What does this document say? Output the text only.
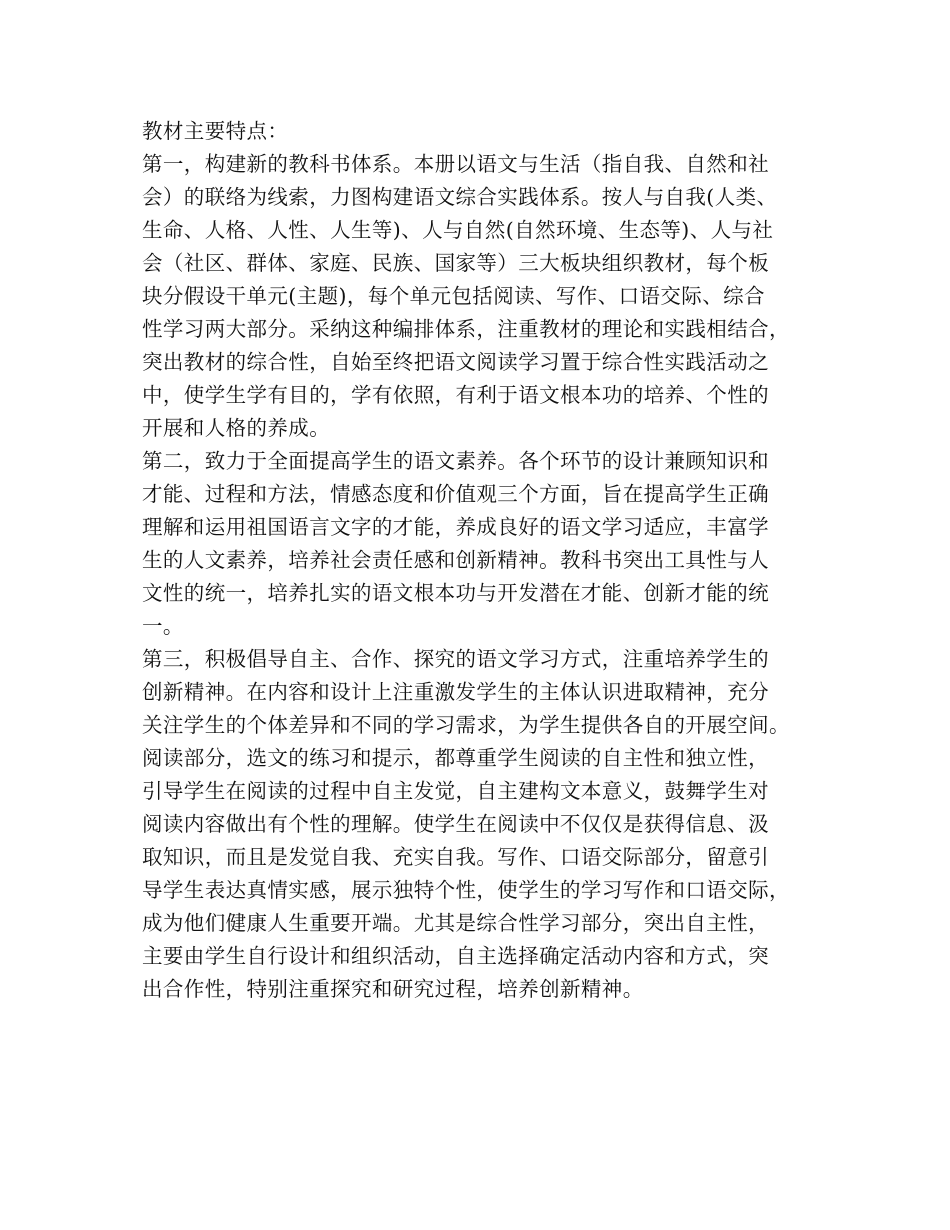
教材主要特点：
第一，构建新的教科书体系。本册以语文与生活（指自我、自然和社
会）的联络为线索，力图构建语文综合实践体系。按人与自我(人类、
生命、人格、人性、人生等)、人与自然(自然环境、生态等)、人与社
会（社区、群体、家庭、民族、国家等）三大板块组织教材，每个板
块分假设干单元(主题)，每个单元包括阅读、写作、口语交际、综合
性学习两大部分。采纳这种编排体系，注重教材的理论和实践相结合，
突出教材的综合性，自始至终把语文阅读学习置于综合性实践活动之
中，使学生学有目的，学有依照，有利于语文根本功的培养、个性的
开展和人格的养成。
第二，致力于全面提高学生的语文素养。各个环节的设计兼顾知识和
才能、过程和方法，情感态度和价值观三个方面，旨在提高学生正确
理解和运用祖国语言文字的才能，养成良好的语文学习适应，丰富学
生的人文素养，培养社会责任感和创新精神。教科书突出工具性与人
文性的统一，培养扎实的语文根本功与开发潜在才能、创新才能的统
一。
第三，积极倡导自主、合作、探究的语文学习方式，注重培养学生的
创新精神。在内容和设计上注重激发学生的主体认识进取精神，充分
关注学生的个体差异和不同的学习需求，为学生提供各自的开展空间。
阅读部分，选文的练习和提示，都尊重学生阅读的自主性和独立性，
引导学生在阅读的过程中自主发觉，自主建构文本意义，鼓舞学生对
阅读内容做出有个性的理解。使学生在阅读中不仅仅是获得信息、汲
取知识，而且是发觉自我、充实自我。写作、口语交际部分，留意引
导学生表达真情实感，展示独特个性，使学生的学习写作和口语交际，
成为他们健康人生重要开端。尤其是综合性学习部分，突出自主性，
主要由学生自行设计和组织活动，自主选择确定活动内容和方式，突
出合作性，特别注重探究和研究过程，培养创新精神。
